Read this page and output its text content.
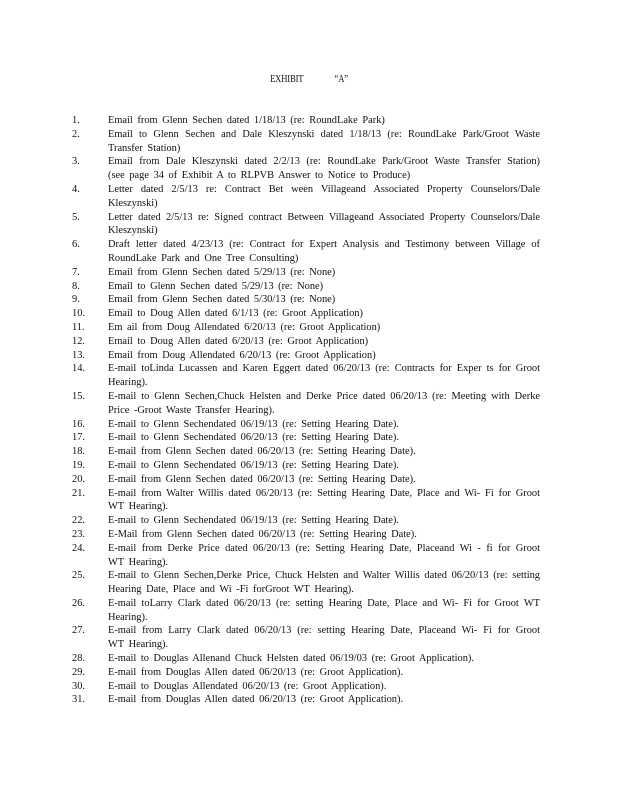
EXHIBIT	“A”
1.	Email from Glenn Sechen dated 1/18/13 (re: RoundLake Park)
2.	Email to Glenn Sechen and Dale Kleszynski dated 1/18/13 (re: RoundLake Park/Groot Waste Transfer Station)
3.	Email from Dale Kleszynski dated 2/2/13 (re: RoundLake Park/Groot Waste Transfer Station) (see page 34 of Exhibit A to RLPVB Answer to Notice to Produce)
4.	Letter dated 2/5/13 re: Contract Bet ween Villageand Associated Property Counselors/Dale Kleszynski)
5.	Letter dated 2/5/13 re: Signed contract Between Villageand Associated Property Counselors/Dale Kleszynski)
6.	Draft letter dated 4/23/13 (re: Contract for Expert Analysis and Testimony between Village of RoundLake Park and One Tree Consulting)
7.	Email from Glenn Sechen dated 5/29/13 (re: None)
8.	Email to Glenn Sechen dated 5/29/13 (re: None)
9.	Email from Glenn Sechen dated 5/30/13 (re: None)
10. Email to Doug Allen dated 6/1/13 (re: Groot Application)
11. Em ail from Doug Allendated 6/20/13 (re: Groot Application)
12. Email to Doug Allen dated 6/20/13 (re: Groot Application)
13. Email from Doug Allendated 6/20/13 (re: Groot Application)
14. E-mail toLinda Lucassen and Karen Eggert dated 06/20/13 (re: Contracts for Exper ts for Groot Hearing).
15. E-mail to Glenn Sechen,Chuck Helsten and Derke Price dated 06/20/13 (re: Meeting with Derke Price -Groot Waste Transfer Hearing).
16. E-mail to Glenn Sechendated 06/19/13 (re: Setting Hearing Date).
17. E-mail to Glenn Sechendated 06/20/13 (re: Setting Hearing Date).
18. E-mail from Glenn Sechen dated 06/20/13 (re: Setting Hearing Date).
19. E-mail to Glenn Sechendated 06/19/13 (re: Setting Hearing Date).
20. E-mail from Glenn Sechen dated 06/20/13 (re: Setting Hearing Date).
21. E-mail from Walter Willis dated 06/20/13 (re: Setting Hearing Date, Place and Wi- Fi for Groot WT Hearing).
22. E-mail to Glenn Sechendated 06/19/13 (re: Setting Hearing Date).
23. E-Mail from Glenn Sechen dated 06/20/13 (re: Setting Hearing Date).
24. E-mail from Derke Price dated 06/20/13 (re: Setting Hearing Date, Placeand Wi - fi for Groot WT Hearing).
25. E-mail to Glenn Sechen,Derke Price, Chuck Helsten and Walter Willis dated 06/20/13 (re: setting Hearing Date, Place and Wi -Fi forGroot WT Hearing).
26. E-mail toLarry Clark dated 06/20/13 (re: setting Hearing Date, Place and Wi- Fi for Groot WT Hearing).
27. E-mail from Larry Clark dated 06/20/13 (re: setting Hearing Date, Placeand Wi- Fi for Groot WT Hearing).
28. E-mail to Douglas Allenand Chuck Helsten dated 06/19/03 (re: Groot Application).
29. E-mail from Douglas Allen dated 06/20/13 (re: Groot Application).
30. E-mail to Douglas Allendated 06/20/13 (re: Groot Application).
31. E-mail from Douglas Allen dated 06/20/13 (re: Groot Application).
